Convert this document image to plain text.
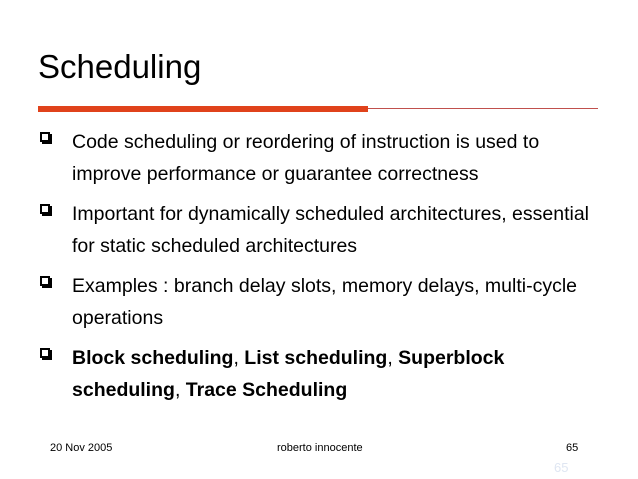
Scheduling
Code scheduling or reordering of instruction is used to improve performance or guarantee correctness
Important for dynamically scheduled architectures, essential for static scheduled architectures
Examples : branch delay slots, memory delays, multi-cycle operations
Block scheduling, List scheduling, Superblock scheduling, Trace Scheduling
20 Nov 2005	roberto innocente	65
65
